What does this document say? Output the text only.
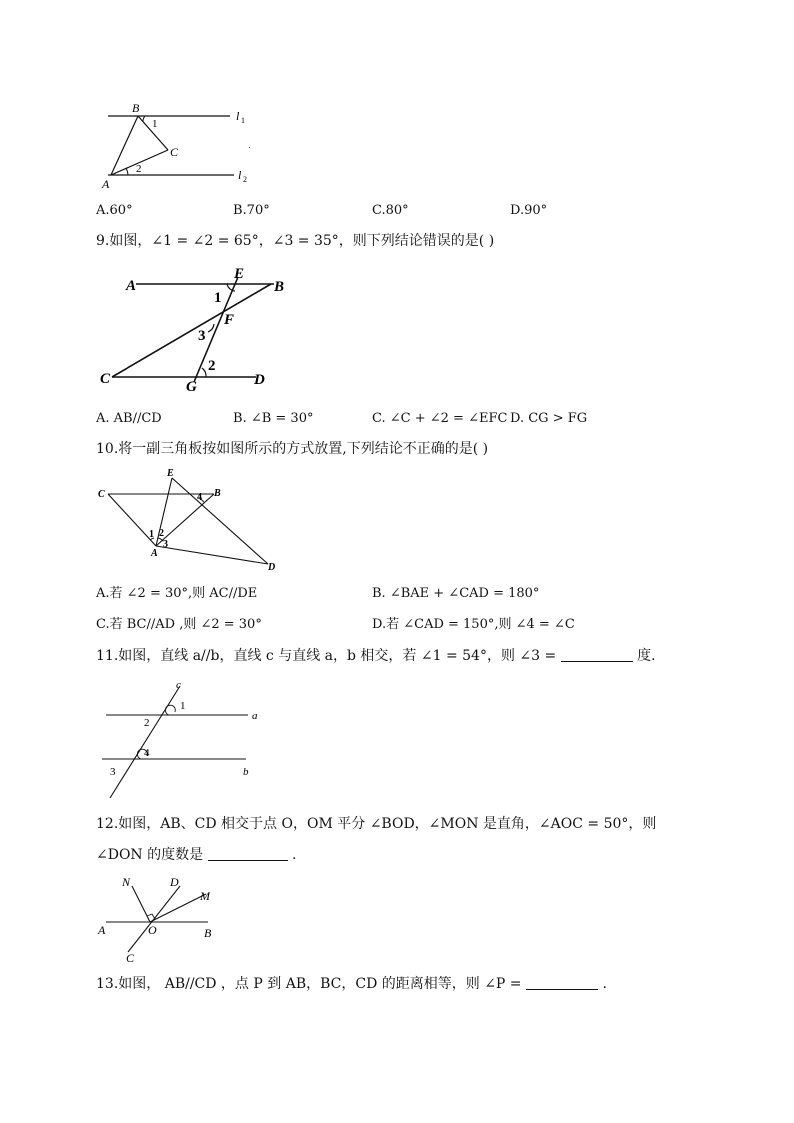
B
1
C
2
A
l 1
l 2
A.60°	B.70°	C.80°	D.90°
9.如图，∠1 = ∠2 = 65°，∠3 = 35°，则下列结论错误的是( )
A	B
E
1
F
3
2
C	G	D
A. AB//CD	B. ∠B = 30°	C. ∠C + ∠2 = ∠EFC D. CG > FG
10.将一副三角板按如图所示的方式放置,下列结论不正确的是( )
E
C	B
4
1 2
3
A
D
A.若 ∠2 = 30°,则 AC//DE	B. ∠BAE + ∠CAD = 180°
C.若 BC//AD ,则 ∠2 = 30°	D.若 ∠CAD = 150°,则 ∠4 = ∠C
11.如图，直线 a//b，直线 c 与直线 a，b 相交，若 ∠1 = 54°，则 ∠3 =	度.
c
1
2
a
4
3	b
12.如图，AB、CD 相交于点 O，OM 平分 ∠BOD，∠MON 是直角，∠AOC = 50°，则
∠DON 的度数是	.
N	D
M
A	O	B
C
13.如图， AB//CD ，点 P 到 AB，BC，CD 的距离相等，则 ∠P =	.
